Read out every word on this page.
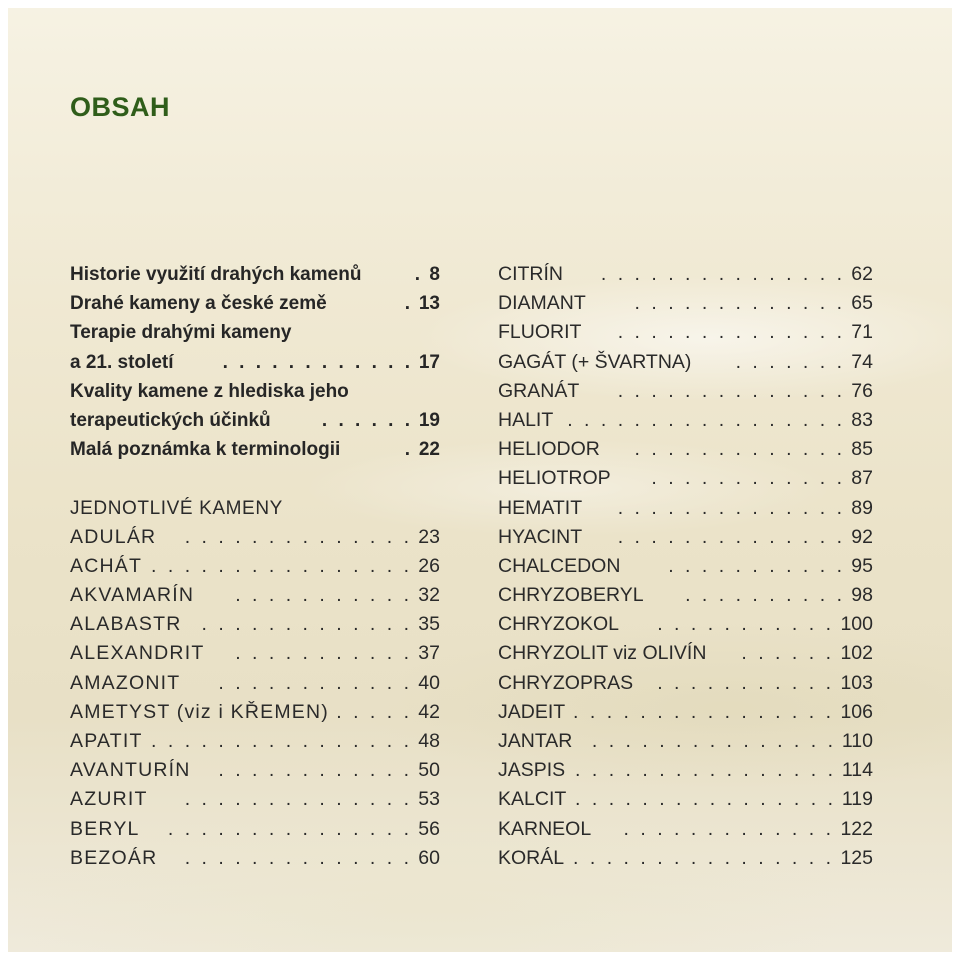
OBSAH
Historie využití drahých kamenů	. 8
Drahé kameny a české země	. 13
Terapie drahými kameny
a 21. století	. . . . . . . . . . . . 17
Kvality kamene z hlediska jeho
terapeutických účinků	. . . . . . 19
Malá poznámka k terminologii	. 22
JEDNOTLIVÉ KAMENY
ADULÁR	. . . . . . . . . . . . . . 23
ACHÁT . . . . . . . . . . . . . . . . 26
AKVAMARÍN	. . . . . . . . . . . 32
ALABASTR	. . . . . . . . . . . . . 35
ALEXANDRIT	. . . . . . . . . . . 37
AMAZONIT	. . . . . . . . . . . . 40
AMETYST (viz i KŘEMEN) . . . . . 42
APATIT . . . . . . . . . . . . . . . . 48
AVANTURÍN	. . . . . . . . . . . . 50
AZURIT	. . . . . . . . . . . . . . 53
BERYL	. . . . . . . . . . . . . . . 56
BEZOÁR	. . . . . . . . . . . . . . 60
CITRÍN	. . . . . . . . . . . . . . . 62
DIAMANT	. . . . . . . . . . . . . 65
FLUORIT	. . . . . . . . . . . . . . 71
GAGÁT (+ ŠVARTNA)	. . . . . . . 74
GRANÁT	. . . . . . . . . . . . . . 76
HALIT . . . . . . . . . . . . . . . . . 83
HELIODOR	. . . . . . . . . . . . . 85
HELIOTROP	. . . . . . . . . . . . 87
HEMATIT	. . . . . . . . . . . . . . 89
HYACINT	. . . . . . . . . . . . . . 92
CHALCEDON	. . . . . . . . . . . 95
CHRYZOBERYL	. . . . . . . . . . 98
CHRYZOKOL	. . . . . . . . . . . 100
CHRYZOLIT viz OLIVÍN	. . . . . . 102
CHRYZOPRAS	. . . . . . . . . . . 103
JADEIT . . . . . . . . . . . . . . . . 106
JANTAR . . . . . . . . . . . . . . . 110
JASPIS . . . . . . . . . . . . . . . . 114
KALCIT . . . . . . . . . . . . . . . . 119
KARNEOL	. . . . . . . . . . . . . 122
KORÁL . . . . . . . . . . . . . . . . 125
